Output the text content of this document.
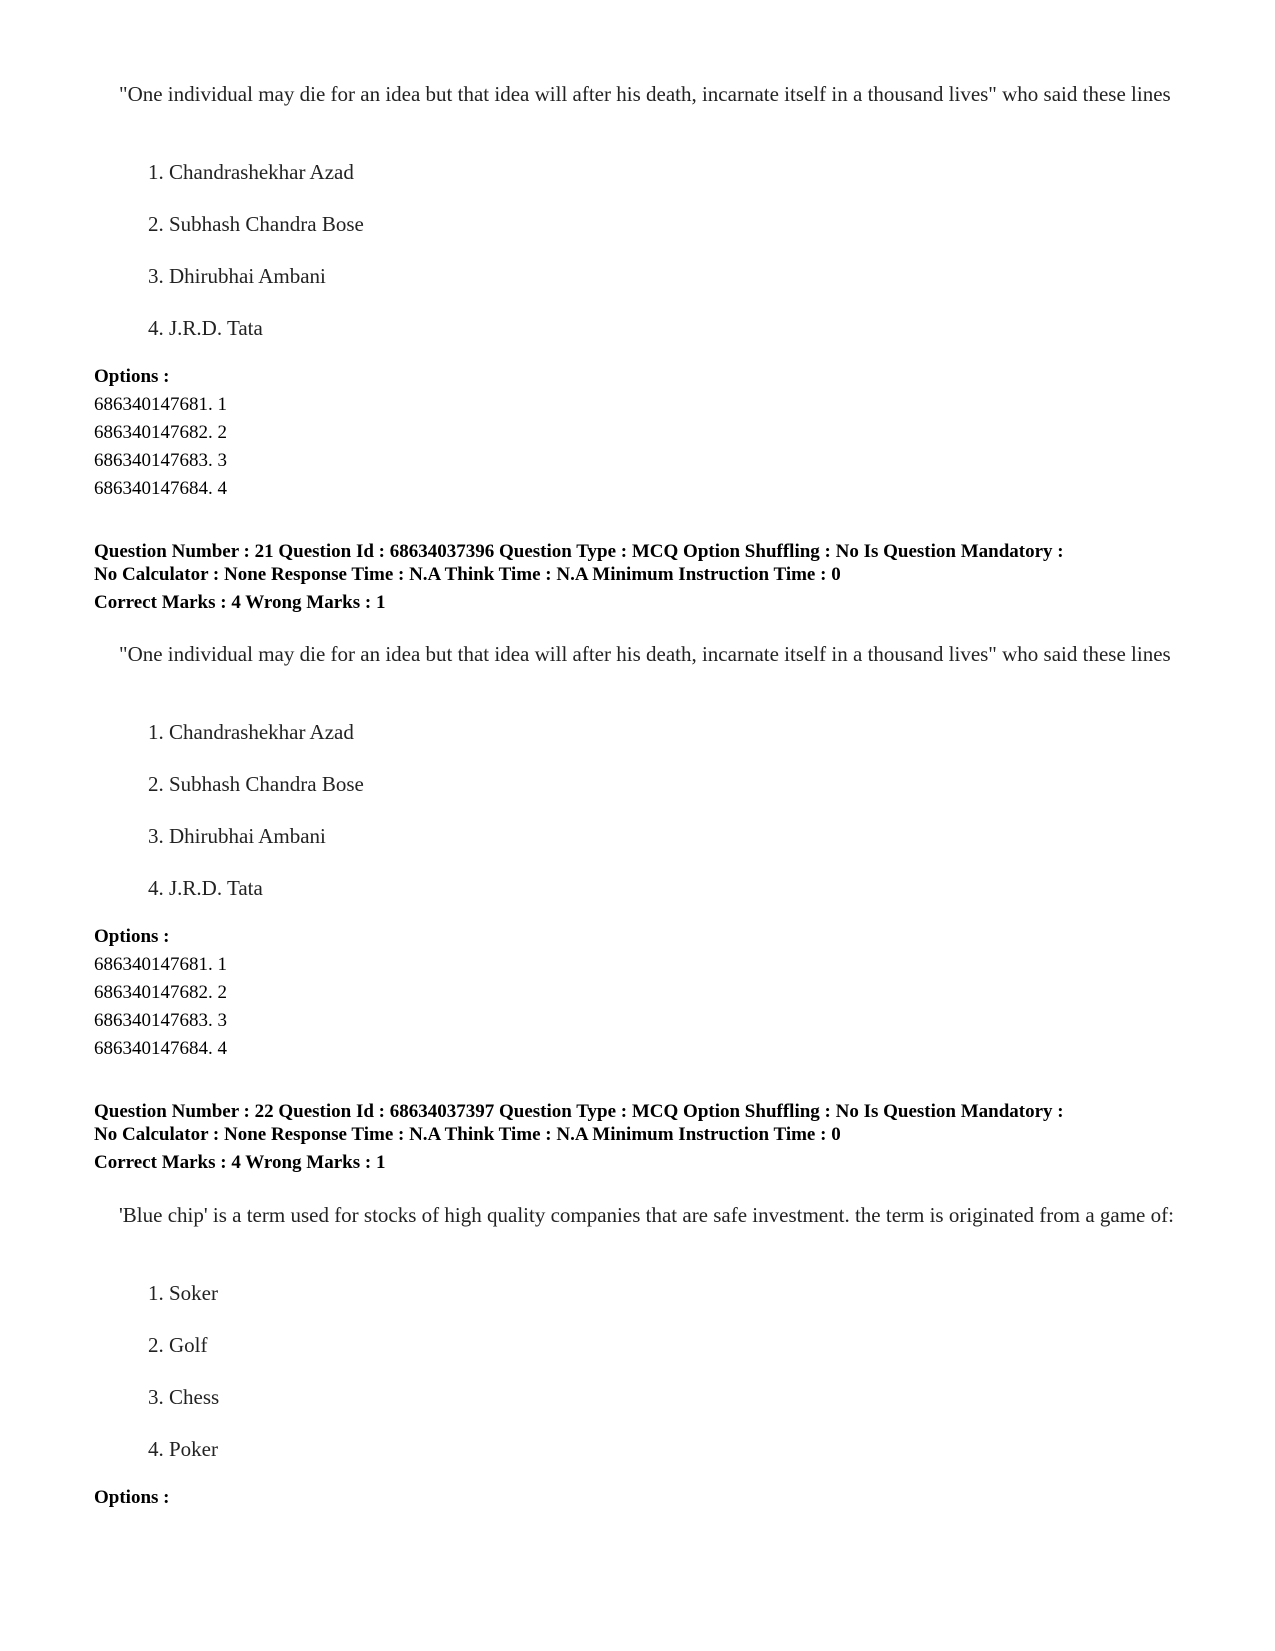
"One individual may die for an idea but that idea will after his death, incarnate itself in a thousand lives" who said these lines
1. Chandrashekhar Azad
2. Subhash Chandra Bose
3. Dhirubhai Ambani
4. J.R.D. Tata
Options :
686340147681. 1
686340147682. 2
686340147683. 3
686340147684. 4
Question Number : 21 Question Id : 68634037396 Question Type : MCQ Option Shuffling : No Is Question Mandatory :
No Calculator : None Response Time : N.A Think Time : N.A Minimum Instruction Time : 0
Correct Marks : 4 Wrong Marks : 1
"One individual may die for an idea but that idea will after his death, incarnate itself in a thousand lives" who said these lines
1. Chandrashekhar Azad
2. Subhash Chandra Bose
3. Dhirubhai Ambani
4. J.R.D. Tata
Options :
686340147681. 1
686340147682. 2
686340147683. 3
686340147684. 4
Question Number : 22 Question Id : 68634037397 Question Type : MCQ Option Shuffling : No Is Question Mandatory :
No Calculator : None Response Time : N.A Think Time : N.A Minimum Instruction Time : 0
Correct Marks : 4 Wrong Marks : 1
'Blue chip' is a term used for stocks of high quality companies that are safe investment. the term is originated from a game of:
1. Soker
2. Golf
3. Chess
4. Poker
Options :
